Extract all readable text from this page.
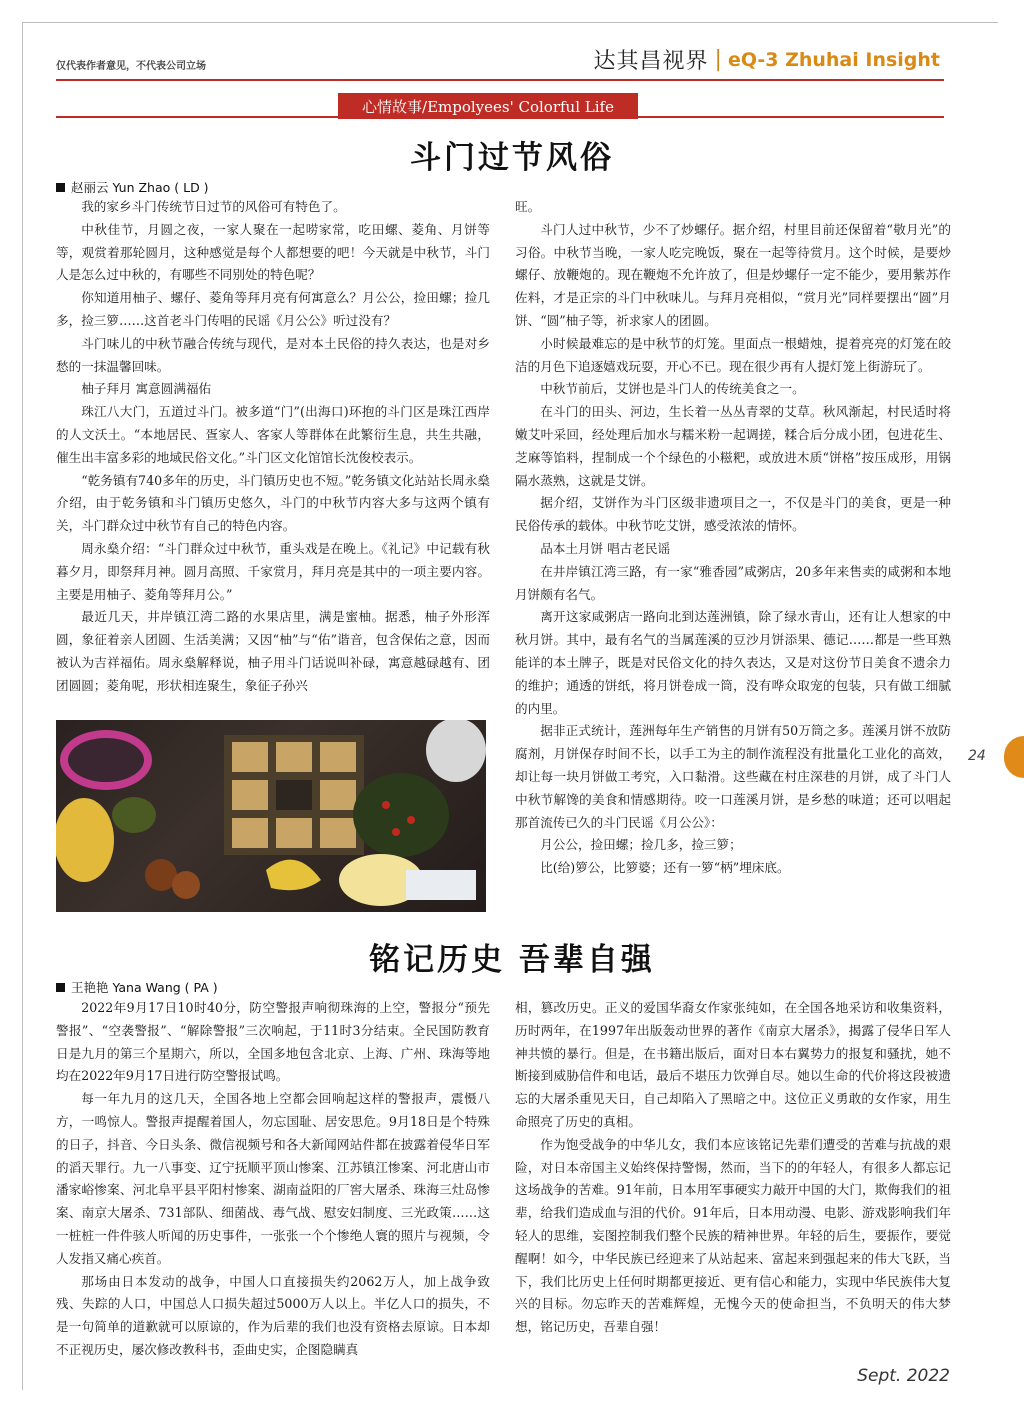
仅代表作者意见，不代表公司立场	达其昌视界 | eQ-3 Zhuhai Insight
心情故事/Empolyees' Colorful Life
斗门过节风俗
赵丽云 Yun Zhao ( LD )

我的家乡斗门传统节日过节的风俗可有特色了。

中秋佳节，月圆之夜，一家人聚在一起唠家常，吃田螺、菱角、月饼等等，观赏着那轮圆月，这种感觉是每个人都想要的吧！今天就是中秋节，斗门人是怎么过中秋的，有哪些不同别处的特色呢？

你知道用柚子、螺仔、菱角等拜月亮有何寓意么？月公公，捡田螺；捡几多，捡三箩……这首老斗门传唱的民谣《月公公》听过没有？

斗门味儿的中秋节融合传统与现代，是对本土民俗的持久表达，也是对乡愁的一抹温馨回味。

柚子拜月 寓意圆满福佑

珠江八大门，五道过斗门。被多道“门”(出海口)环抱的斗门区是珠江西岸的人文沃土。“本地居民、疍家人、客家人等群体在此繁衍生息，共生共融，催生出丰富多彩的地域民俗文化。”斗门区文化馆馆长沈俊校表示。

“乾务镇有740多年的历史，斗门镇历史也不短。”乾务镇文化站站长周永燊介绍，由于乾务镇和斗门镇历史悠久，斗门的中秋节内容大多与这两个镇有关，斗门群众过中秋节有自己的特色内容。

周永燊介绍：“斗门群众过中秋节，重头戏是在晚上。《礼记》中记载有秋暮夕月，即祭拜月神。圆月高照、千家赏月，拜月亮是其中的一项主要内容。主要是用柚子、菱角等拜月公。”

最近几天，井岸镇江湾二路的水果店里，满是蜜柚。据悉，柚子外形浑圆，象征着亲人团圆、生活美满；又因“柚”与“佑”谐音，包含保佑之意，因而被认为吉祥福佑。周永燊解释说，柚子用斗门话说叫补碌，寓意越碌越有、团团圆圆；菱角呢，形状相连聚生，象征子孙兴

旺。

斗门人过中秋节，少不了炒螺仔。据介绍，村里目前还保留着“敬月光”的习俗。中秋节当晚，一家人吃完晚饭，聚在一起等待赏月。这个时候，是要炒螺仔、放鞭炮的。现在鞭炮不允许放了，但是炒螺仔一定不能少，要用紫苏作佐料，才是正宗的斗门中秋味儿。与拜月亮相似，“赏月光”同样要摆出“圆”月饼、“圆”柚子等，祈求家人的团圆。

小时候最难忘的是中秋节的灯笼。里面点一根蜡烛，提着亮亮的灯笼在皎洁的月色下追逐嬉戏玩耍，开心不已。现在很少再有人提灯笼上街游玩了。

中秋节前后，艾饼也是斗门人的传统美食之一。

在斗门的田头、河边，生长着一丛丛青翠的艾草。秋风渐起，村民适时将嫩艾叶采回，经处理后加水与糯米粉一起调搓，糅合后分成小团，包进花生、芝麻等馅料，捏制成一个个绿色的小糍粑，或放进木质“饼格”按压成形，用锅隔水蒸熟，这就是艾饼。

据介绍，艾饼作为斗门区级非遗项目之一，不仅是斗门的美食，更是一种民俗传承的载体。中秋节吃艾饼，感受浓浓的情怀。

品本土月饼 唱古老民谣

在井岸镇江湾三路，有一家“雅香园”咸粥店，20多年来售卖的咸粥和本地月饼颇有名气。

离开这家咸粥店一路向北到达莲洲镇，除了绿水青山，还有让人想家的中秋月饼。其中，最有名气的当属莲溪的豆沙月饼添果、德记……都是一些耳熟能详的本土牌子，既是对民俗文化的持久表达，又是对这份节日美食不遗余力的维护；通透的饼纸，将月饼卷成一筒，没有哗众取宠的包装，只有做工细腻的内里。

据非正式统计，莲洲每年生产销售的月饼有50万筒之多。莲溪月饼不放防腐剂，月饼保存时间不长，以手工为主的制作流程没有批量化工业化的高效，却让每一块月饼做工考究，入口黏滑。这些藏在村庄深巷的月饼，成了斗门人中秋节解馋的美食和情感期待。咬一口莲溪月饼，是乡愁的味道；还可以唱起那首流传已久的斗门民谣《月公公》：

月公公，捡田螺；捡几多，捡三箩；

比(给)箩公，比箩婆；还有一箩“柄”埋床底。

铭记历史 吾辈自强
王艳艳 Yana Wang ( PA )

2022年9月17日10时40分，防空警报声响彻珠海的上空，警报分“预先警报”、“空袭警报”、“解除警报”三次响起，于11时3分结束。全民国防教育日是九月的第三个星期六，所以，全国多地包含北京、上海、广州、珠海等地均在2022年9月17日进行防空警报试鸣。

每一年九月的这几天，全国各地上空都会回响起这样的警报声，震慑八方，一鸣惊人。警报声提醒着国人，勿忘国耻、居安思危。9月18日是个特殊的日子，抖音、今日头条、微信视频号和各大新闻网站件都在披露着侵华日军的滔天罪行。九一八事变、辽宁抚顺平顶山惨案、江苏镇江惨案、河北唐山市潘家峪惨案、河北阜平县平阳村惨案、湖南益阳的厂窖大屠杀、珠海三灶岛惨案、南京大屠杀、731部队、细菌战、毒气战、慰安妇制度、三光政策……这一桩桩一件件骇人听闻的历史事件，一张张一个个惨绝人寰的照片与视频，令人发指又痛心疾首。

那场由日本发动的战争，中国人口直接损失约2062万人，加上战争致残、失踪的人口，中国总人口损失超过5000万人以上。半亿人口的损失，不是一句简单的道歉就可以原谅的，作为后辈的我们也没有资格去原谅。日本却不正视历史，屡次修改教科书，歪曲史实，企图隐瞒真

相，篡改历史。正义的爱国华裔女作家张纯如，在全国各地采访和收集资料，历时两年，在1997年出版轰动世界的著作《南京大屠杀》，揭露了侵华日军人神共愤的暴行。但是，在书籍出版后，面对日本右翼势力的报复和骚扰，她不断接到威胁信件和电话，最后不堪压力饮弹自尽。她以生命的代价将这段被遗忘的大屠杀重见天日，自己却陷入了黑暗之中。这位正义勇敢的女作家，用生命照亮了历史的真相。

作为饱受战争的中华儿女，我们本应该铭记先辈们遭受的苦难与抗战的艰险，对日本帝国主义始终保持警惕，然而，当下的的年轻人，有很多人都忘记这场战争的苦难。91年前，日本用军事硬实力敲开中国的大门，欺侮我们的祖辈，给我们造成血与泪的代价。91年后，日本用动漫、电影、游戏影响我们年轻人的思维，妄图控制我们整个民族的精神世界。年轻的后生，要振作，要觉醒啊！如今，中华民族已经迎来了从站起来、富起来到强起来的伟大飞跃，当下，我们比历史上任何时期都更接近、更有信心和能力，实现中华民族伟大复兴的目标。勿忘昨天的苦难辉煌，无愧今天的使命担当，不负明天的伟大梦想，铭记历史，吾辈自强！

24
Sept. 2022
